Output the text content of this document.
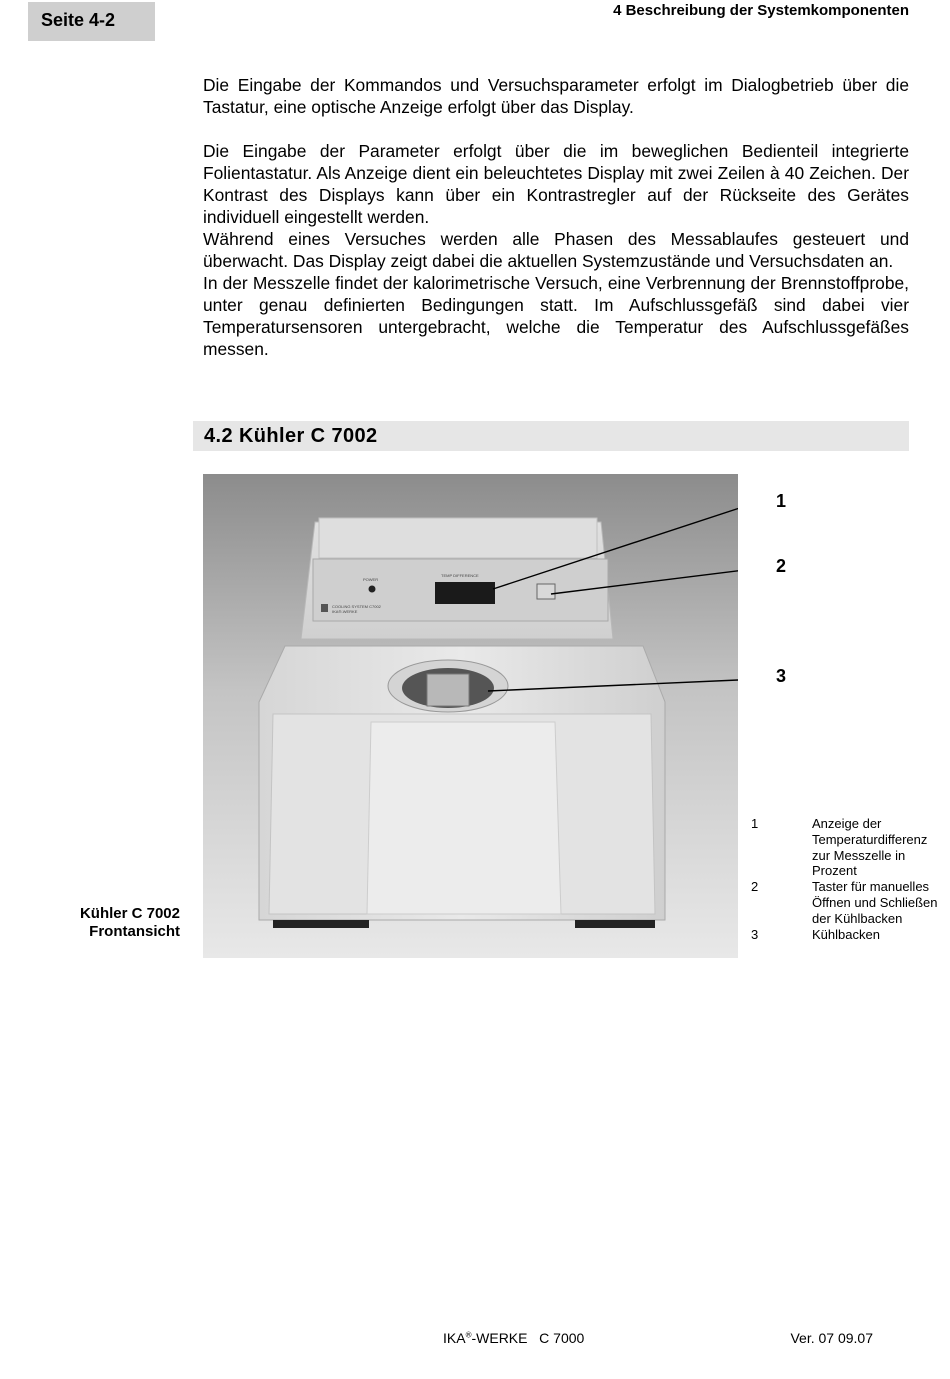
Seite 4-2	4 Beschreibung der Systemkomponenten

Die Eingabe der Kommandos und Versuchsparameter erfolgt im Dialogbetrieb über die Tastatur, eine optische Anzeige erfolgt über das Display.

Die Eingabe der Parameter erfolgt über die im beweglichen Bedienteil integrierte Folientastatur. Als Anzeige dient ein beleuchtetes Display mit zwei Zeilen à 40 Zeichen. Der Kontrast des Displays kann über ein Kontrastregler auf der Rückseite des Gerätes individuell eingestellt werden.

Während eines Versuches werden alle Phasen des Messablaufes gesteuert und überwacht. Das Display zeigt dabei die aktuellen Systemzustände und Versuchsdaten an.

In der Messzelle findet der kalorimetrische Versuch, eine Verbrennung der Brennstoffprobe, unter genau definierten Bedingungen statt. Im Aufschlussgefäß sind dabei vier Temperatursensoren untergebracht, welche die Temperatur des Aufschlussgefäßes messen.

4.2 Kühler C 7002
POWER
TEMP DIFFERENCE
COOLING SYSTEM C7002
IKA®-WERKE
1
2
3
Kühler C 7002
Frontansicht
1	Anzeige der
Temperaturdifferenz
zur Messzelle in
Prozent
2	Taster für manuelles
Öffnen und Schließen
der Kühlbacken
3	Kühlbacken
IKA®-WERKE   C 7000	Ver. 07 09.07
